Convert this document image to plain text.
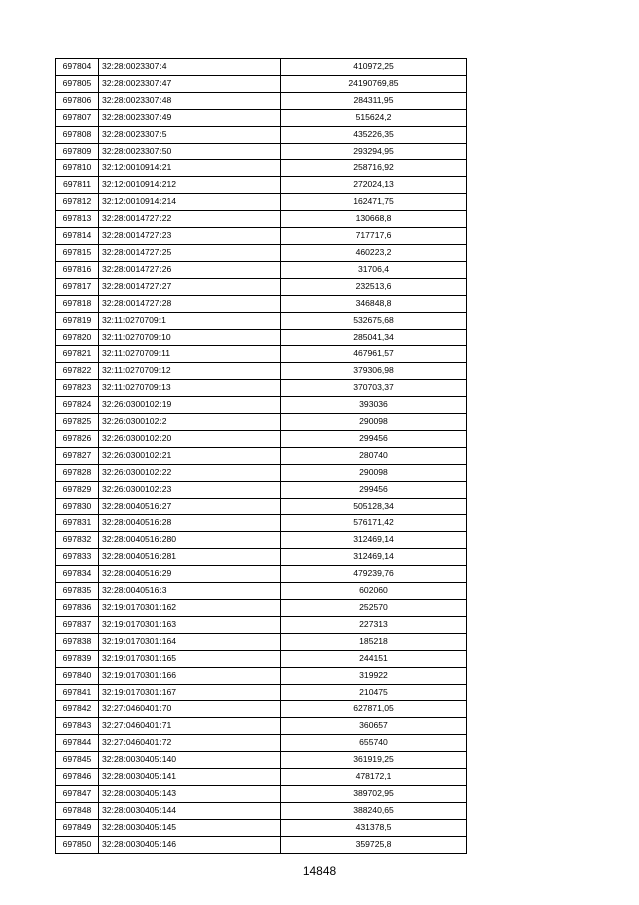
697804	32:28:0023307:4	410972,25
697805	32:28:0023307:47	24190769,85
697806	32:28:0023307:48	284311,95
697807	32:28:0023307:49	515624,2
697808	32:28:0023307:5	435226,35
697809	32:28:0023307:50	293294,95
697810	32:12:0010914:21	258716,92
697811	32:12:0010914:212	272024,13
697812	32:12:0010914:214	162471,75
697813	32:28:0014727:22	130668,8
697814	32:28:0014727:23	717717,6
697815	32:28:0014727:25	460223,2
697816	32:28:0014727:26	31706,4
697817	32:28:0014727:27	232513,6
697818	32:28:0014727:28	346848,8
697819	32:11:0270709:1	532675,68
697820	32:11:0270709:10	285041,34
697821	32:11:0270709:11	467961,57
697822	32:11:0270709:12	379306,98
697823	32:11:0270709:13	370703,37
697824	32:26:0300102:19	393036
697825	32:26:0300102:2	290098
697826	32:26:0300102:20	299456
697827	32:26:0300102:21	280740
697828	32:26:0300102:22	290098
697829	32:26:0300102:23	299456
697830	32:28:0040516:27	505128,34
697831	32:28:0040516:28	576171,42
697832	32:28:0040516:280	312469,14
697833	32:28:0040516:281	312469,14
697834	32:28:0040516:29	479239,76
697835	32:28:0040516:3	602060
697836	32:19:0170301:162	252570
697837	32:19:0170301:163	227313
697838	32:19:0170301:164	185218
697839	32:19:0170301:165	244151
697840	32:19:0170301:166	319922
697841	32:19:0170301:167	210475
697842	32:27:0460401:70	627871,05
697843	32:27:0460401:71	360657
697844	32:27:0460401:72	655740
697845	32:28:0030405:140	361919,25
697846	32:28:0030405:141	478172,1
697847	32:28:0030405:143	389702,95
697848	32:28:0030405:144	388240,65
697849	32:28:0030405:145	431378,5
697850	32:28:0030405:146	359725,8
14848
